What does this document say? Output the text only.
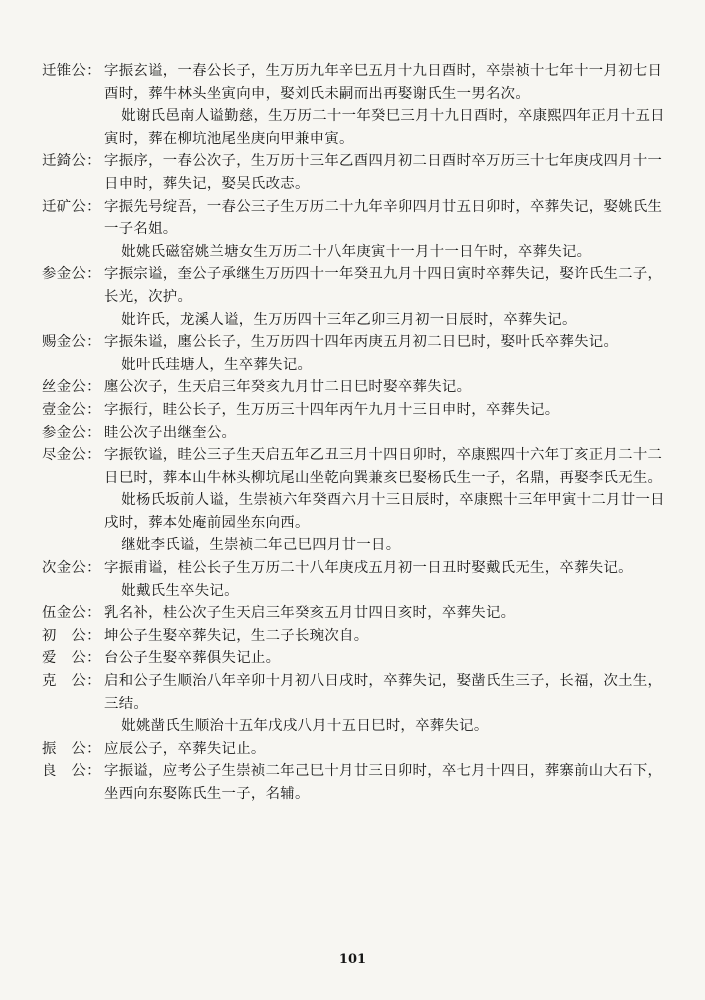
迁锥公： 字振玄谥，一春公长子，生万历九年辛巳五月十九日酉时，卒崇祯十七年十一月初七日酉时，葬牛林头坐寅向申，娶刘氏未嗣而出再娶谢氏生一男名次。
妣谢氏邑南人谥勤慈，生万历二十一年癸巳三月十九日酉时，卒康熙四年正月十五日寅时，葬在柳坑池尾坐庚向甲兼申寅。
迁錡公： 字振序，一春公次子，生万历十三年乙酉四月初二日酉时卒万历三十七年庚戌四月十一日申时，葬失记，娶吴氏改志。
迁矿公： 字振先号绽吾，一春公三子生万历二十九年辛卯四月廿五日卯时，卒葬失记，娶姚氏生一子名姐。
妣姚氏磁窑姚兰塘女生万历二十八年庚寅十一月十一日午时，卒葬失记。
参金公： 字振宗谥，奎公子承继生万历四十一年癸丑九月十四日寅时卒葬失记，娶许氏生二子，长光，次护。
妣许氏，龙溪人谥，生万历四十三年乙卯三月初一日辰时，卒葬失记。
赐金公： 字振朱谥，廛公长子，生万历四十四年丙庚五月初二日巳时，娶叶氏卒葬失记。
妣叶氏珪塘人，生卒葬失记。
丝金公： 廛公次子，生天启三年癸亥九月廿二日巳时娶卒葬失记。
壹金公： 字振行，眭公长子，生万历三十四年丙午九月十三日申时，卒葬失记。
参金公： 眭公次子出继奎公。
尽金公： 字振钦谥，眭公三子生天启五年乙丑三月十四日卯时，卒康熙四十六年丁亥正月二十二日巳时，葬本山牛林头柳坑尾山坐乾向巽兼亥巳娶杨氏生一子，名鼎，再娶李氏无生。
妣杨氏坂前人谥，生崇祯六年癸酉六月十三日辰时，卒康熙十三年甲寅十二月廿一日戌时，葬本处庵前园坐东向西。
继妣李氏谥，生崇祯二年己巳四月廿一日。
次金公： 字振甫谥，桂公长子生万历二十八年庚戌五月初一日丑时娶戴氏无生，卒葬失记。
妣戴氏生卒失记。
伍金公： 乳名补，桂公次子生天启三年癸亥五月廿四日亥时，卒葬失记。
初　公： 坤公子生娶卒葬失记，生二子长琬次自。
爱　公： 台公子生娶卒葬俱失记止。
克　公： 启和公子生顺治八年辛卯十月初八日戌时，卒葬失记，娶凿氏生三子，长福，次土生，三结。
妣姚凿氏生顺治十五年戊戌八月十五日巳时，卒葬失记。
振　公： 应辰公子，卒葬失记止。
良　公： 字振谥，应考公子生崇祯二年己巳十月廿三日卯时，卒七月十四日，葬寨前山大石下，坐西向东娶陈氏生一子，名辅。
101
